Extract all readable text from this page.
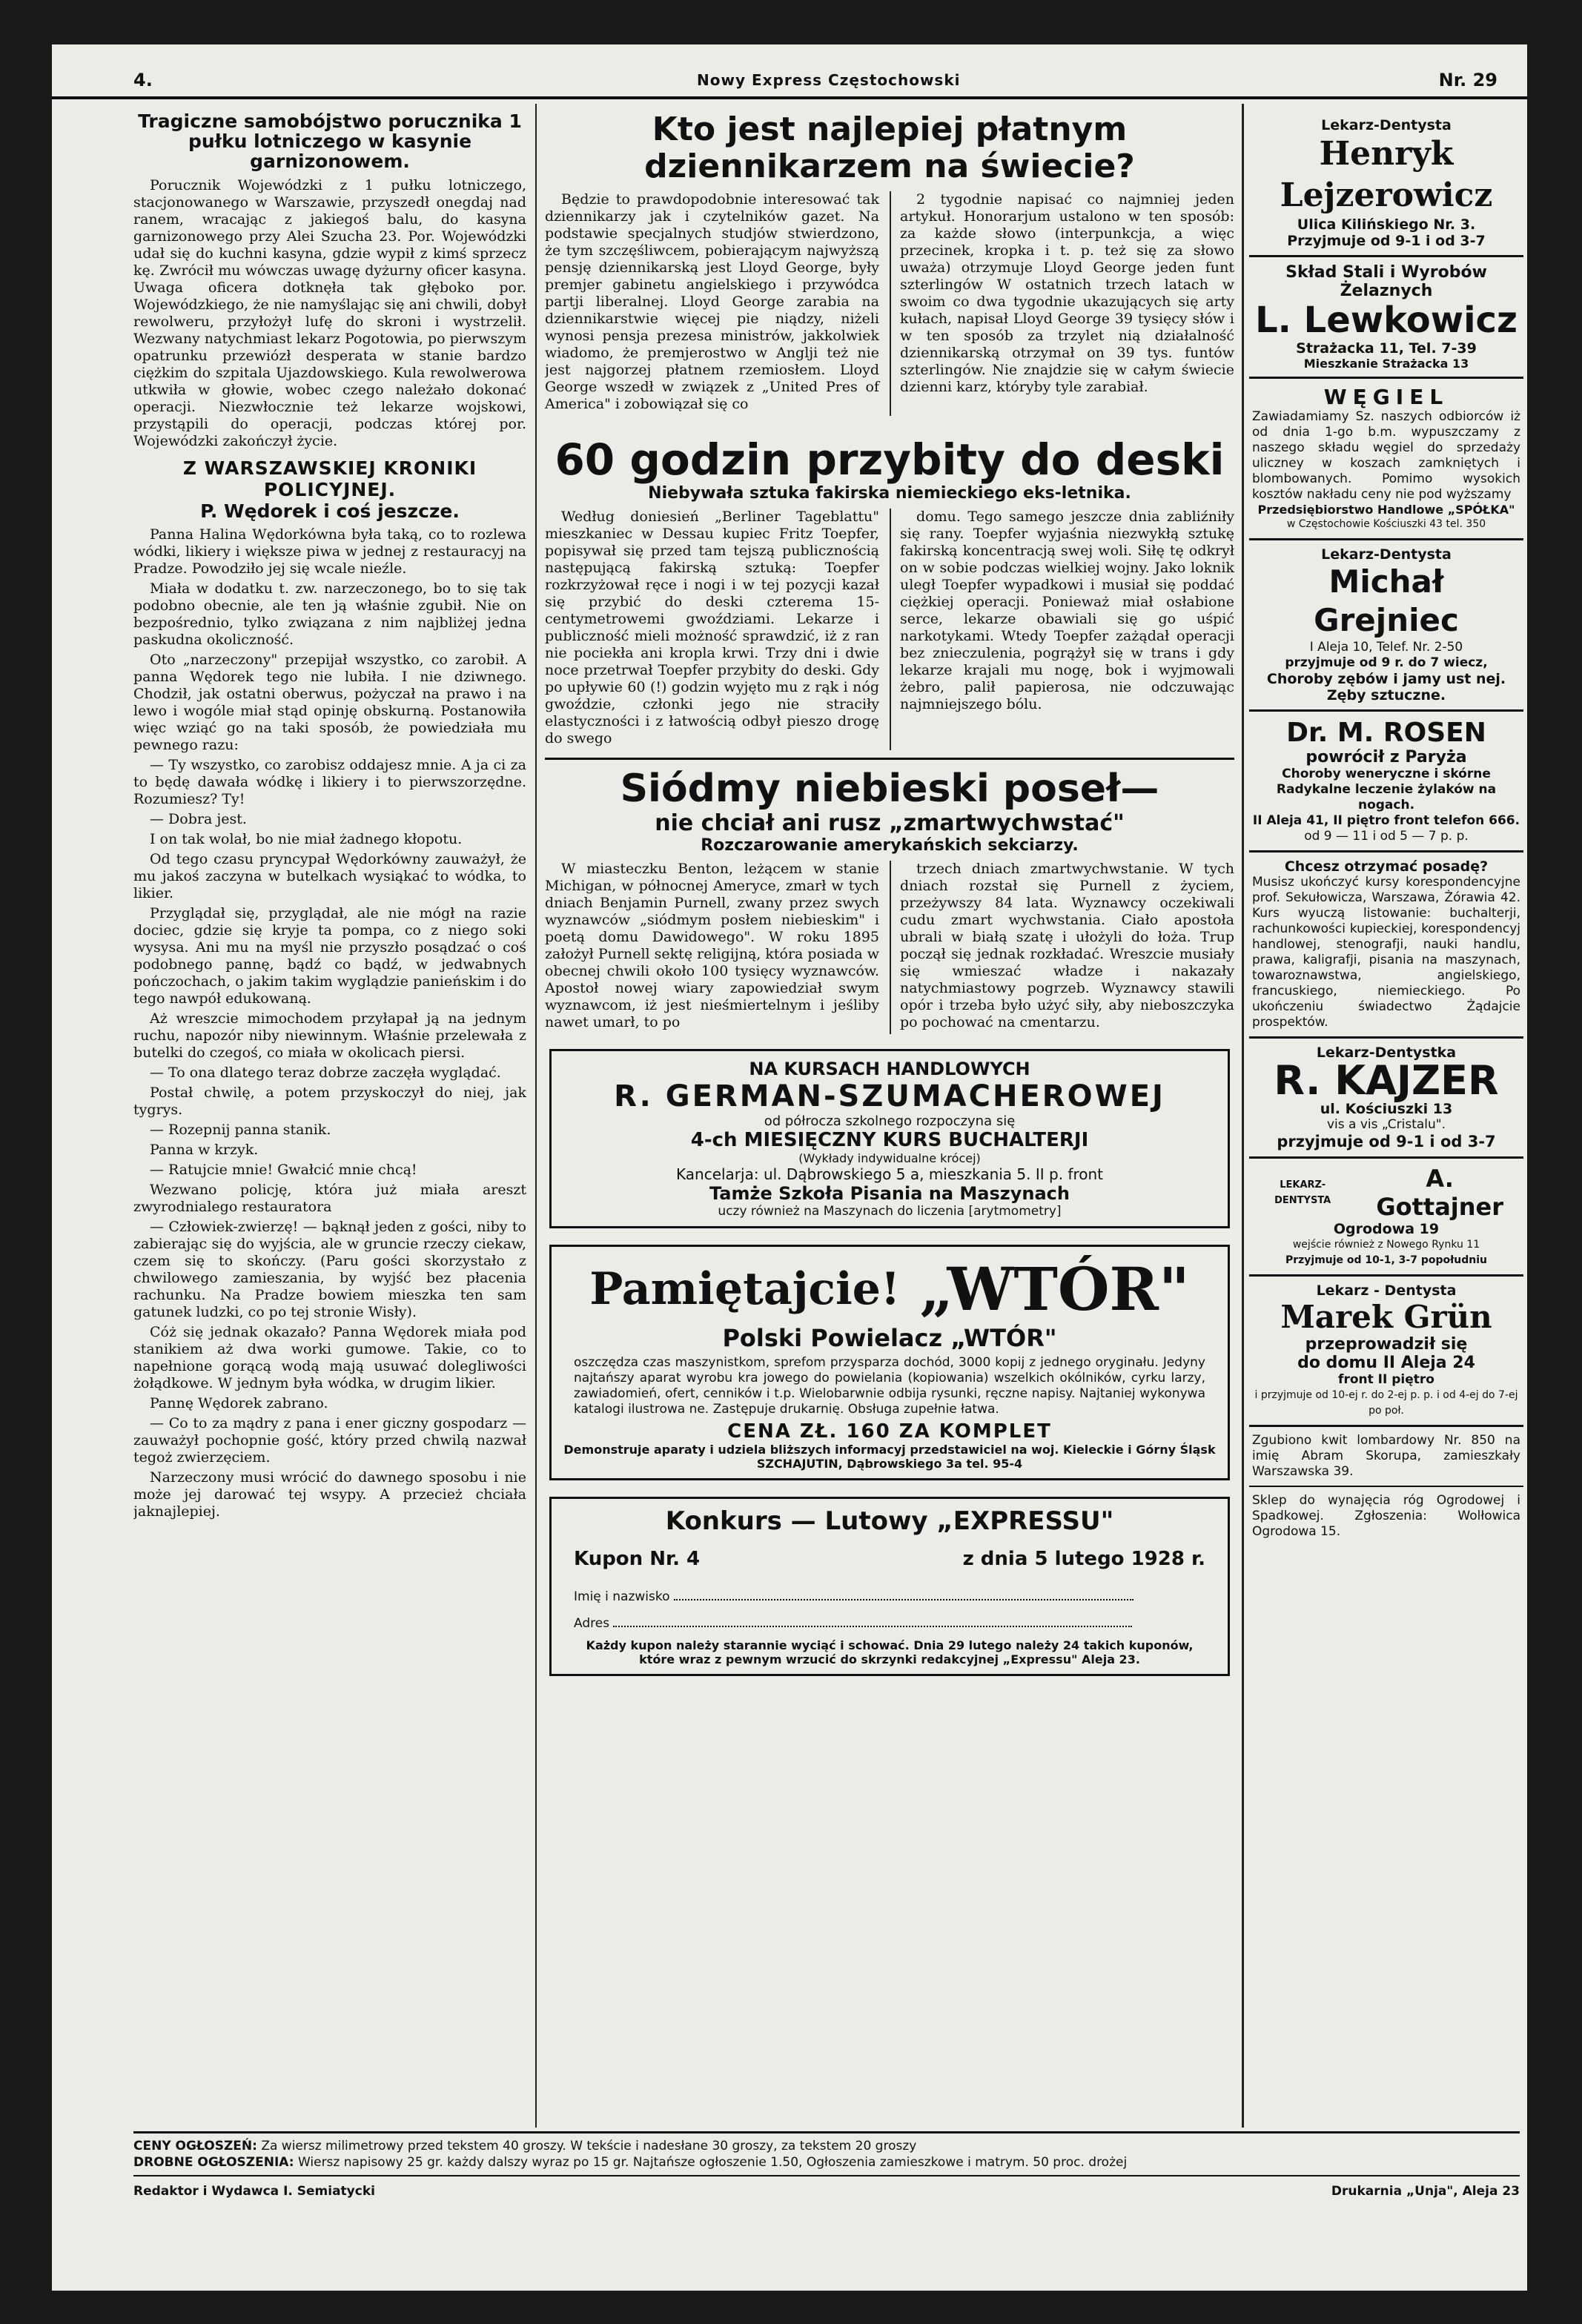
4.	Nowy Express Częstochowski	Nr. 29
Tragiczne samobójstwo porucznika 1 pułku lotniczego w kasynie garnizonowem.

Porucznik Wojewódzki z 1 pułku lotniczego, stacjonowanego w Warszawie, przyszedł onegdaj nad ranem, wracając z jakiegoś balu, do kasyna garnizonowego przy Alei Szucha 23. Por. Wojewódzki udał się do kuchni kasyna, gdzie wypił z kimś sprzecz kę. Zwrócił mu wówczas uwagę dyżurny oficer kasyna. Uwaga oficera dotknęła tak głęboko por. Wojewódzkiego, że nie namyślając się ani chwili, dobył rewolweru, przyłożył lufę do skroni i wystrzelił. Wezwany natychmiast lekarz Pogotowia, po pierwszym opatrunku przewiózł desperata w stanie bardzo ciężkim do szpitala Ujazdowskiego. Kula rewolwerowa utkwiła w głowie, wobec czego należało dokonać operacji. Niezwłocznie też lekarze wojskowi, przystąpili do operacji, podczas której por. Wojewódzki zakończył życie.

Z WARSZAWSKIEJ KRONIKI POLICYJNEJ.
P. Wędorek i coś jeszcze.

Panna Halina Wędorkówna była taką, co to rozlewa wódki, likiery i większe piwa w jednej z restauracyj na Pradze. Powodziło jej się wcale nieźle.

Miała w dodatku t. zw. narzeczonego, bo to się tak podobno obecnie, ale ten ją właśnie zgubił. Nie on bezpośrednio, tylko związana z nim najbliżej jedna paskudna okoliczność.

Oto „narzeczony" przepijał wszystko, co zarobił. A panna Wędorek tego nie lubiła. I nie dziwnego. Chodził, jak ostatni oberwus, pożyczał na prawo i na lewo i wogóle miał stąd opinję obskurną. Postanowiła więc wziąć go na taki sposób, że powiedziała mu pewnego razu:

— Ty wszystko, co zarobisz oddajesz mnie. A ja ci za to będę dawała wódkę i likiery i to pierwszorzędne. Rozumiesz? Ty!

— Dobra jest.

I on tak wolał, bo nie miał żadnego kłopotu.

Od tego czasu pryncypał Wędorkówny zauważył, że mu jakoś zaczyna w butelkach wysiąkać to wódka, to likier.

Przyglądał się, przyglądał, ale nie mógł na razie dociec, gdzie się kryje ta pompa, co z niego soki wysysa. Ani mu na myśl nie przyszło posądzać o coś podobnego pannę, bądź co bądź, w jedwabnych pończochach, o jakim takim wyglądzie panieńskim i do tego nawpół edukowaną.

Aż wreszcie mimochodem przyłapał ją na jednym ruchu, napozór niby niewinnym. Właśnie przelewała z butelki do czegoś, co miała w okolicach piersi.

— To ona dlatego teraz dobrze zaczęła wyglądać.

Postał chwilę, a potem przyskoczył do niej, jak tygrys.

— Rozepnij panna stanik.

Panna w krzyk.

— Ratujcie mnie! Gwałcić mnie chcą!

Wezwano policję, która już miała areszt zwyrodnialego restauratora

— Człowiek-zwierzę! — bąknął jeden z gości, niby to zabierając się do wyjścia, ale w gruncie rzeczy ciekaw, czem się to skończy. (Paru gości skorzystało z chwilowego zamieszania, by wyjść bez płacenia rachunku. Na Pradze bowiem mieszka ten sam gatunek ludzki, co po tej stronie Wisły).

Cóż się jednak okazało? Panna Wędorek miała pod stanikiem aż dwa worki gumowe. Takie, co to napełnione gorącą wodą mają usuwać dolegliwości żołądkowe. W jednym była wódka, w drugim likier.

Pannę Wędorek zabrano.

— Co to za mądry z pana i ener giczny gospodarz — zauważył pochopnie gość, który przed chwilą nazwał tegoż zwierzęciem.

Narzeczony musi wrócić do dawnego sposobu i nie może jej darować tej wsypy. A przecież chciała jaknajlepiej.

Kto jest najlepiej płatnym dziennikarzem na świecie?

Będzie to prawdopodobnie interesować tak dziennikarzy jak i czytelników gazet. Na podstawie specjalnych studjów stwierdzono, że tym szczęśliwcem, pobierającym najwyższą pensję dziennikarską jest Lloyd George, były premjer gabinetu angielskiego i przywódca partji liberalnej. Lloyd George zarabia na dziennikarstwie więcej pie niądzy, niżeli wynosi pensja prezesa ministrów, jakkolwiek wiadomo, że premjerostwo w Anglji też nie jest najgorzej płatnem rzemiosłem. Lloyd George wszedł w związek z „United Pres of America" i zobowiązał się co

2 tygodnie napisać co najmniej jeden artykuł. Honorarjum ustalono w ten sposób: za każde słowo (interpunkcja, a więc przecinek, kropka i t. p. też się za słowo uważa) otrzymuje Lloyd George jeden funt szterlingów W ostatnich trzech latach w swoim co dwa tygodnie ukazujących się arty kułach, napisał Lloyd George 39 tysięcy słów i w ten sposób za trzylet nią działalność dziennikarską otrzymał on 39 tys. funtów szterlingów. Nie znajdzie się w całym świecie dzienni karz, któryby tyle zarabiał.

60 godzin przybity do deski
Niebywała sztuka fakirska niemieckiego eks-letnika.

Według doniesień „Berliner Tageblattu" mieszkaniec w Dessau kupiec Fritz Toepfer, popisywał się przed tam tejszą publicznością następującą fakirską sztuką: Toepfer rozkrzyżował ręce i nogi i w tej pozycji kazał się przybić do deski czterema 15-centymetrowemi gwoździami. Lekarze i publiczność mieli możność sprawdzić, iż z ran nie pociekła ani kropla krwi. Trzy dni i dwie noce przetrwał Toepfer przybity do deski. Gdy po upływie 60 (!) godzin wyjęto mu z rąk i nóg gwoździe, członki jego nie straciły elastyczności i z łatwością odbył pieszo drogę do swego

domu. Tego samego jeszcze dnia zabliźniły się rany. Toepfer wyjaśnia niezwykłą sztukę fakirską koncentracją swej woli. Siłę tę odkrył on w sobie podczas wielkiej wojny. Jako loknik uległ Toepfer wypadkowi i musiał się poddać ciężkiej operacji. Ponieważ miał osłabione serce, lekarze obawiali się go uśpić narkotykami. Wtedy Toepfer zażądał operacji bez znieczulenia, pogrążył się w trans i gdy lekarze krajali mu nogę, bok i wyjmowali żebro, palił papierosa, nie odczuwając najmniejszego bólu.

Siódmy niebieski poseł—
nie chciał ani rusz „zmartwychwstać"
Rozczarowanie amerykańskich sekciarzy.

W miasteczku Benton, leżącem w stanie Michigan, w północnej Ameryce, zmarł w tych dniach Benjamin Purnell, zwany przez swych wyznawców „siódmym posłem niebieskim" i poetą domu Dawidowego". W roku 1895 założył Purnell sektę religijną, która posiada w obecnej chwili około 100 tysięcy wyznawców. Apostoł nowej wiary zapowiedział swym wyznawcom, iż jest nieśmiertelnym i jeśliby nawet umarł, to po

trzech dniach zmartwychwstanie. W tych dniach rozstał się Purnell z życiem, przeżywszy 84 lata. Wyznawcy oczekiwali cudu zmart wychwstania. Ciało apostoła ubrali w białą szatę i ułożyli do łoża. Trup począł się jednak rozkładać. Wreszcie musiały się wmieszać władze i nakazały natychmiastowy pogrzeb. Wyznawcy stawili opór i trzeba było użyć siły, aby nieboszczyka po pochować na cmentarzu.

NA KURSACH HANDLOWYCH
R. GERMAN-SZUMACHEROWEJ
od półrocza szkolnego rozpoczyna się
4-ch MIESIĘCZNY KURS BUCHALTERJI
(Wykłady indywidualne krócej)
Kancelarja: ul. Dąbrowskiego 5 a, mieszkania 5. II p. front
Tamże Szkoła Pisania na Maszynach
uczy również na Maszynach do liczenia [arytmometry]
Pamiętajcie! „WTÓR"
Polski Powielacz „WTÓR"
oszczędza czas maszynistkom, sprefom przysparza dochód, 3000 kopij z jednego oryginału. Jedyny najtańszy aparat wyrobu kra jowego do powielania (kopiowania) wszelkich okólników, cyrku larzy, zawiadomień, ofert, cenników i t.p. Wielobarwnie odbija rysunki, ręczne napisy. Najtaniej wykonywa katalogi ilustrowa ne. Zastępuje drukarnię. Obsługa zupełnie łatwa.
CENA ZŁ. 160 ZA KOMPLET
Demonstruje aparaty i udziela bliższych informacyj przedstawiciel na woj. Kieleckie i Górny Śląsk SZCHAJUTIN, Dąbrowskiego 3a tel. 95-4
Konkurs — Lutowy „EXPRESSU"
Kupon Nr. 4	z dnia 5 lutego 1928 r.
Imię i nazwisko
Adres
Każdy kupon należy starannie wyciąć i schować. Dnia 29 lutego należy 24 takich kuponów, które wraz z pewnym wrzucić do skrzynki redakcyjnej „Expressu" Aleja 23.
Lekarz-Dentysta
Henryk Lejzerowicz
Ulica Kilińskiego Nr. 3.
Przyjmuje od 9-1 i od 3-7
Skład Stali i Wyrobów Żelaznych
L. Lewkowicz
Strażacka 11, Tel. 7-39
Mieszkanie Strażacka 13
WĘGIEL
Zawiadamiamy Sz. naszych odbiorców iż od dnia 1-go b.m. wypuszczamy z naszego składu węgiel do sprzedaży uliczney w koszach zamkniętych i blombowanych. Pomimo wysokich kosztów nakładu ceny nie pod wyższamy
Przedsiębiorstwo Handlowe „SPÓŁKA"
w Częstochowie Kościuszki 43 tel. 350
Lekarz-Dentysta
Michał Grejniec
I Aleja 10, Telef. Nr. 2-50
przyjmuje od 9 r. do 7 wiecz,
Choroby zębów i jamy ust nej. Zęby sztuczne.
Dr. M. ROSEN
powrócił z Paryża
Choroby weneryczne i skórne Radykalne leczenie żylaków na nogach.
II Aleja 41, II piętro front telefon 666.
od 9 — 11 i od 5 — 7 p. p.
Chcesz otrzymać posadę?
Musisz ukończyć kursy korespondencyjne prof. Sekułowicza, Warszawa, Żórawia 42. Kurs wyuczą listowanie: buchalterji, rachunkowości kupieckiej, korespondencyj handlowej, stenografji, nauki handlu, prawa, kaligrafji, pisania na maszynach, towaroznawstwa, angielskiego, francuskiego, niemieckiego. Po ukończeniu świadectwo Żądajcie prospektów.
Lekarz-Dentystka
R. KAJZER
ul. Kościuszki 13
vis a vis „Cristalu".
przyjmuje od 9-1 i od 3-7
LEKARZ-DENTYSTA
A. Gottajner
Ogrodowa 19
wejście również z Nowego Rynku 11
Przyjmuje od 10-1, 3-7 popołudniu
Lekarz - Dentysta
Marek Grün
przeprowadził się
do domu II Aleja 24
front II piętro
i przyjmuje od 10-ej r. do 2-ej p. p. i od 4-ej do 7-ej po poł.
Zgubiono kwit lombardowy Nr. 850 na imię Abram Skorupa, zamieszkały Warszawska 39.
Sklep do wynajęcia róg Ogrodowej i Spadkowej. Zgłoszenia: Wolłowica Ogrodowa 15.
CENY OGŁOSZEŃ: Za wiersz milimetrowy przed tekstem 40 groszy. W tekście i nadesłane 30 groszy, za tekstem 20 groszy
DROBNE OGŁOSZENIA: Wiersz napisowy 25 gr. każdy dalszy wyraz po 15 gr. Najtańsze ogłoszenie 1.50, Ogłoszenia zamieszkowe i matrym. 50 proc. drożej
Redaktor i Wydawca I. Semiatycki	Drukarnia „Unja", Aleja 23
